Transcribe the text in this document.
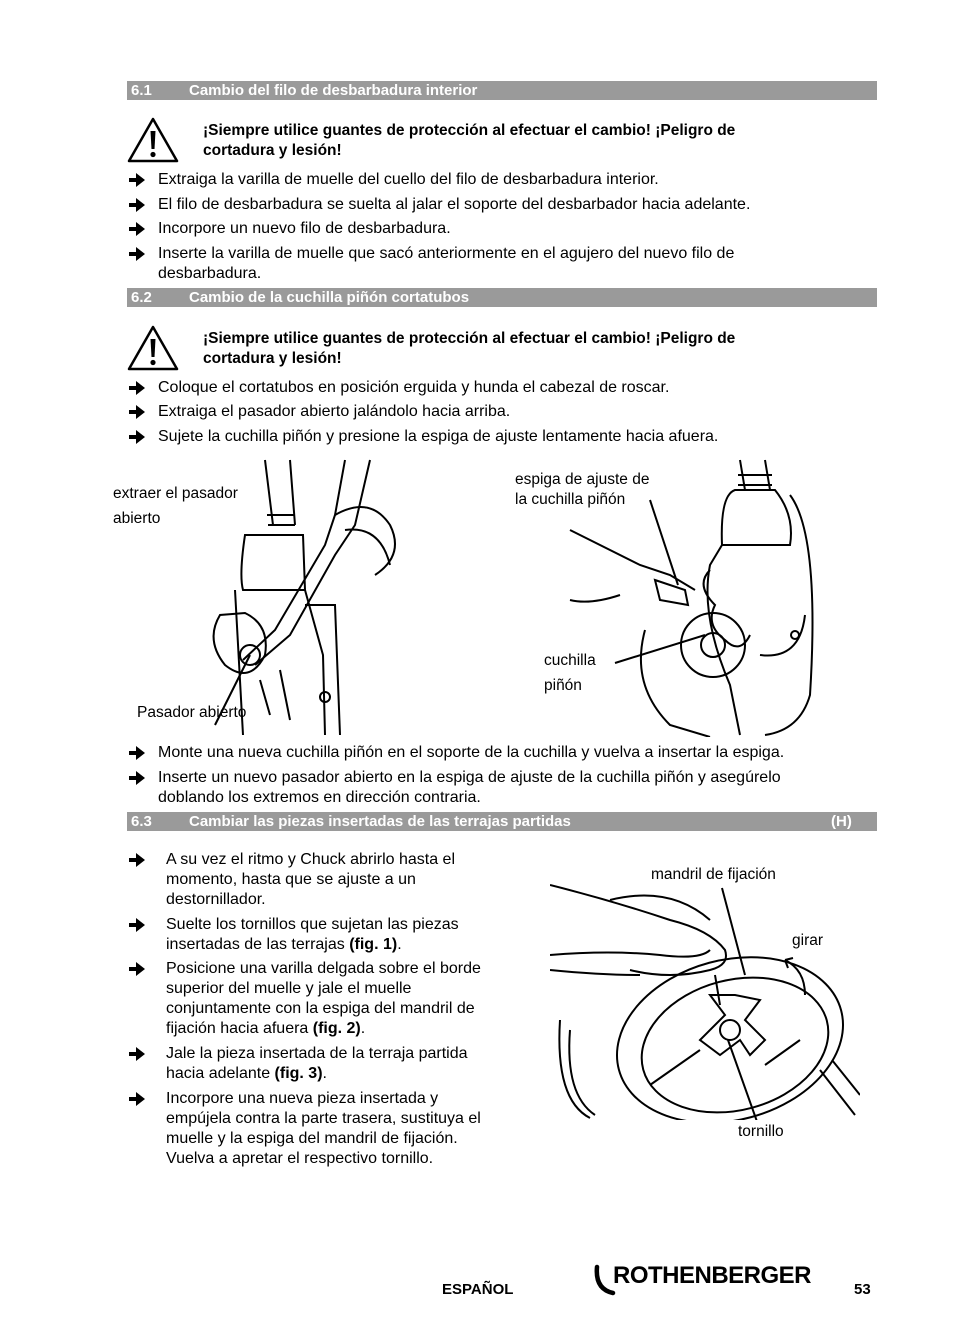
6.1 Cambio del filo de desbarbadura interior
¡Siempre utilice guantes de protección al efectuar el cambio! ¡Peligro de
cortadura y lesión!
Extraiga la varilla de muelle del cuello del filo de desbarbadura interior.
El filo de desbarbadura se suelta al jalar el soporte del desbarbador hacia adelante.
Incorpore un nuevo filo de desbarbadura.
Inserte la varilla de muelle que sacó anteriormente en el agujero del nuevo filo de
desbarbadura.
6.2 Cambio de la cuchilla piñón cortatubos
¡Siempre utilice guantes de protección al efectuar el cambio! ¡Peligro de
cortadura y lesión!
Coloque el cortatubos en posición erguida y hunda el cabezal de roscar.
Extraiga el pasador abierto jalándolo hacia arriba.
Sujete la cuchilla piñón y presione la espiga de ajuste lentamente hacia afuera.
extraer el pasador
abierto
Pasador abierto
espiga de ajuste de
la cuchilla piñón
cuchilla
piñón
Monte una nueva cuchilla piñón en el soporte de la cuchilla y vuelva a insertar la espiga.
Inserte un nuevo pasador abierto en la espiga de ajuste de la cuchilla piñón y asegúrelo
doblando los extremos en dirección contraria.
6.3 Cambiar las piezas insertadas de las terrajas partidas	(H)
A su vez el ritmo y Chuck abrirlo hasta el
momento, hasta que se ajuste a un
destornillador.
Suelte los tornillos que sujetan las piezas
insertadas de las terrajas (fig. 1).
Posicione una varilla delgada sobre el borde
superior del muelle y jale el muelle
conjuntamente con la espiga del mandril de
fijación hacia afuera (fig. 2).
Jale la pieza insertada de la terraja partida
hacia adelante (fig. 3).
Incorpore una nueva pieza insertada y
empújela contra la parte trasera, sustituya el
muelle y la espiga del mandril de fijación.
Vuelva a apretar el respectivo tornillo.
mandril de fijación
girar
tornillo
ESPAÑOL
ROTHENBERGER
53
